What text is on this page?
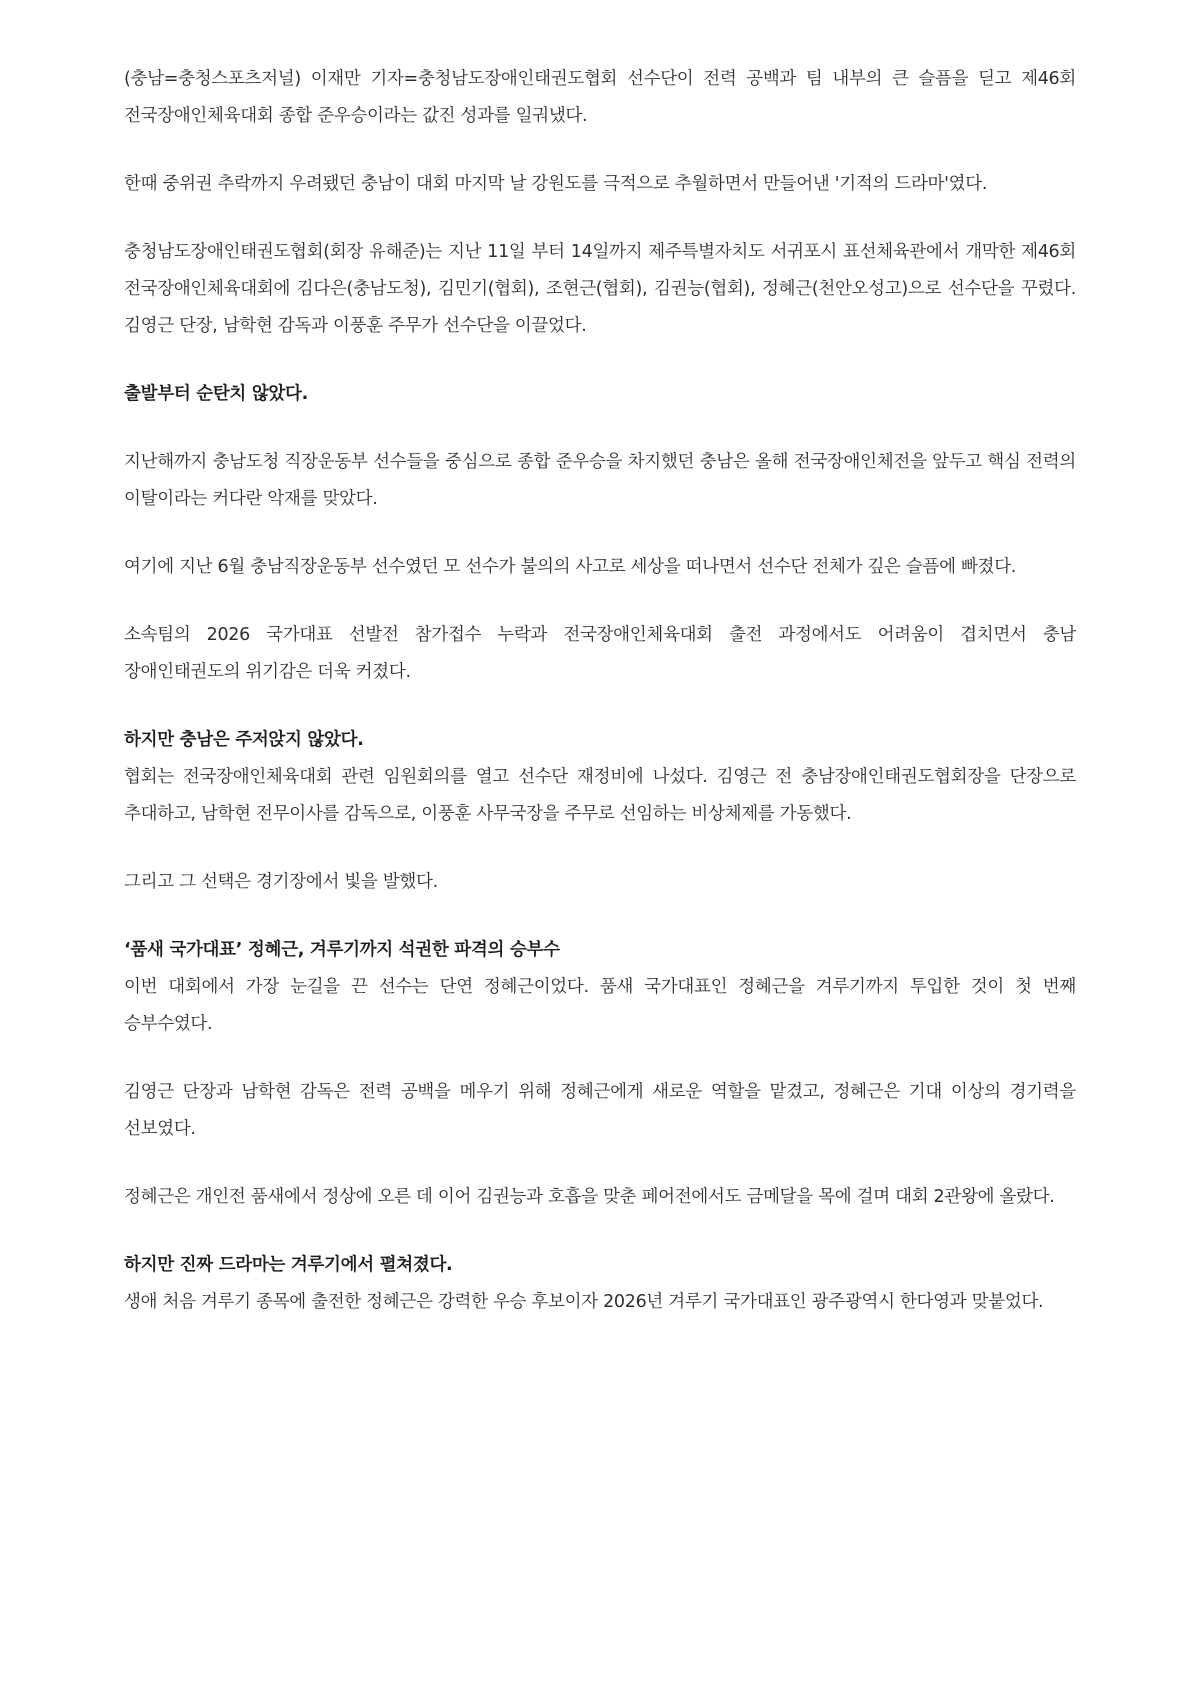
(충남=충청스포츠저널) 이재만 기자=충청남도장애인태권도협회 선수단이 전력 공백과 팀 내부의 큰 슬픔을 딛고 제46회 전국장애인체육대회 종합 준우승이라는 값진 성과를 일궈냈다.

한때 중위권 추락까지 우려됐던 충남이 대회 마지막 날 강원도를 극적으로 추월하면서 만들어낸 '기적의 드라마'였다.

충청남도장애인태권도협회(회장 유해준)는 지난 11일 부터 14일까지 제주특별자치도 서귀포시 표선체육관에서 개막한 제46회 전국장애인체육대회에 김다은(충남도청), 김민기(협회), 조현근(협회), 김권능(협회), 정혜근(천안오성고)으로 선수단을 꾸렸다. 김영근 단장, 남학현 감독과 이풍훈 주무가 선수단을 이끌었다.

출발부터 순탄치 않았다.

지난해까지 충남도청 직장운동부 선수들을 중심으로 종합 준우승을 차지했던 충남은 올해 전국장애인체전을 앞두고 핵심 전력의 이탈이라는 커다란 악재를 맞았다.

여기에 지난 6월 충남직장운동부 선수였던 모 선수가 불의의 사고로 세상을 떠나면서 선수단 전체가 깊은 슬픔에 빠졌다.

소속팀의 2026 국가대표 선발전 참가접수 누락과 전국장애인체육대회 출전 과정에서도 어려움이 겹치면서 충남 장애인태권도의 위기감은 더욱 커졌다.

하지만 충남은 주저앉지 않았다.

협회는 전국장애인체육대회 관련 임원회의를 열고 선수단 재정비에 나섰다. 김영근 전 충남장애인태권도협회장을 단장으로 추대하고, 남학현 전무이사를 감독으로, 이풍훈 사무국장을 주무로 선임하는 비상체제를 가동했다.

그리고 그 선택은 경기장에서 빛을 발했다.

‘품새 국가대표’ 정혜근, 겨루기까지 석권한 파격의 승부수

이번 대회에서 가장 눈길을 끈 선수는 단연 정혜근이었다. 품새 국가대표인 정혜근을 겨루기까지 투입한 것이 첫 번째 승부수였다.

김영근 단장과 남학현 감독은 전력 공백을 메우기 위해 정혜근에게 새로운 역할을 맡겼고, 정혜근은 기대 이상의 경기력을 선보였다.

정혜근은 개인전 품새에서 정상에 오른 데 이어 김권능과 호흡을 맞춘 페어전에서도 금메달을 목에 걸며 대회 2관왕에 올랐다.

하지만 진짜 드라마는 겨루기에서 펼쳐졌다.

생애 처음 겨루기 종목에 출전한 정혜근은 강력한 우승 후보이자 2026년 겨루기 국가대표인 광주광역시 한다영과 맞붙었다.
